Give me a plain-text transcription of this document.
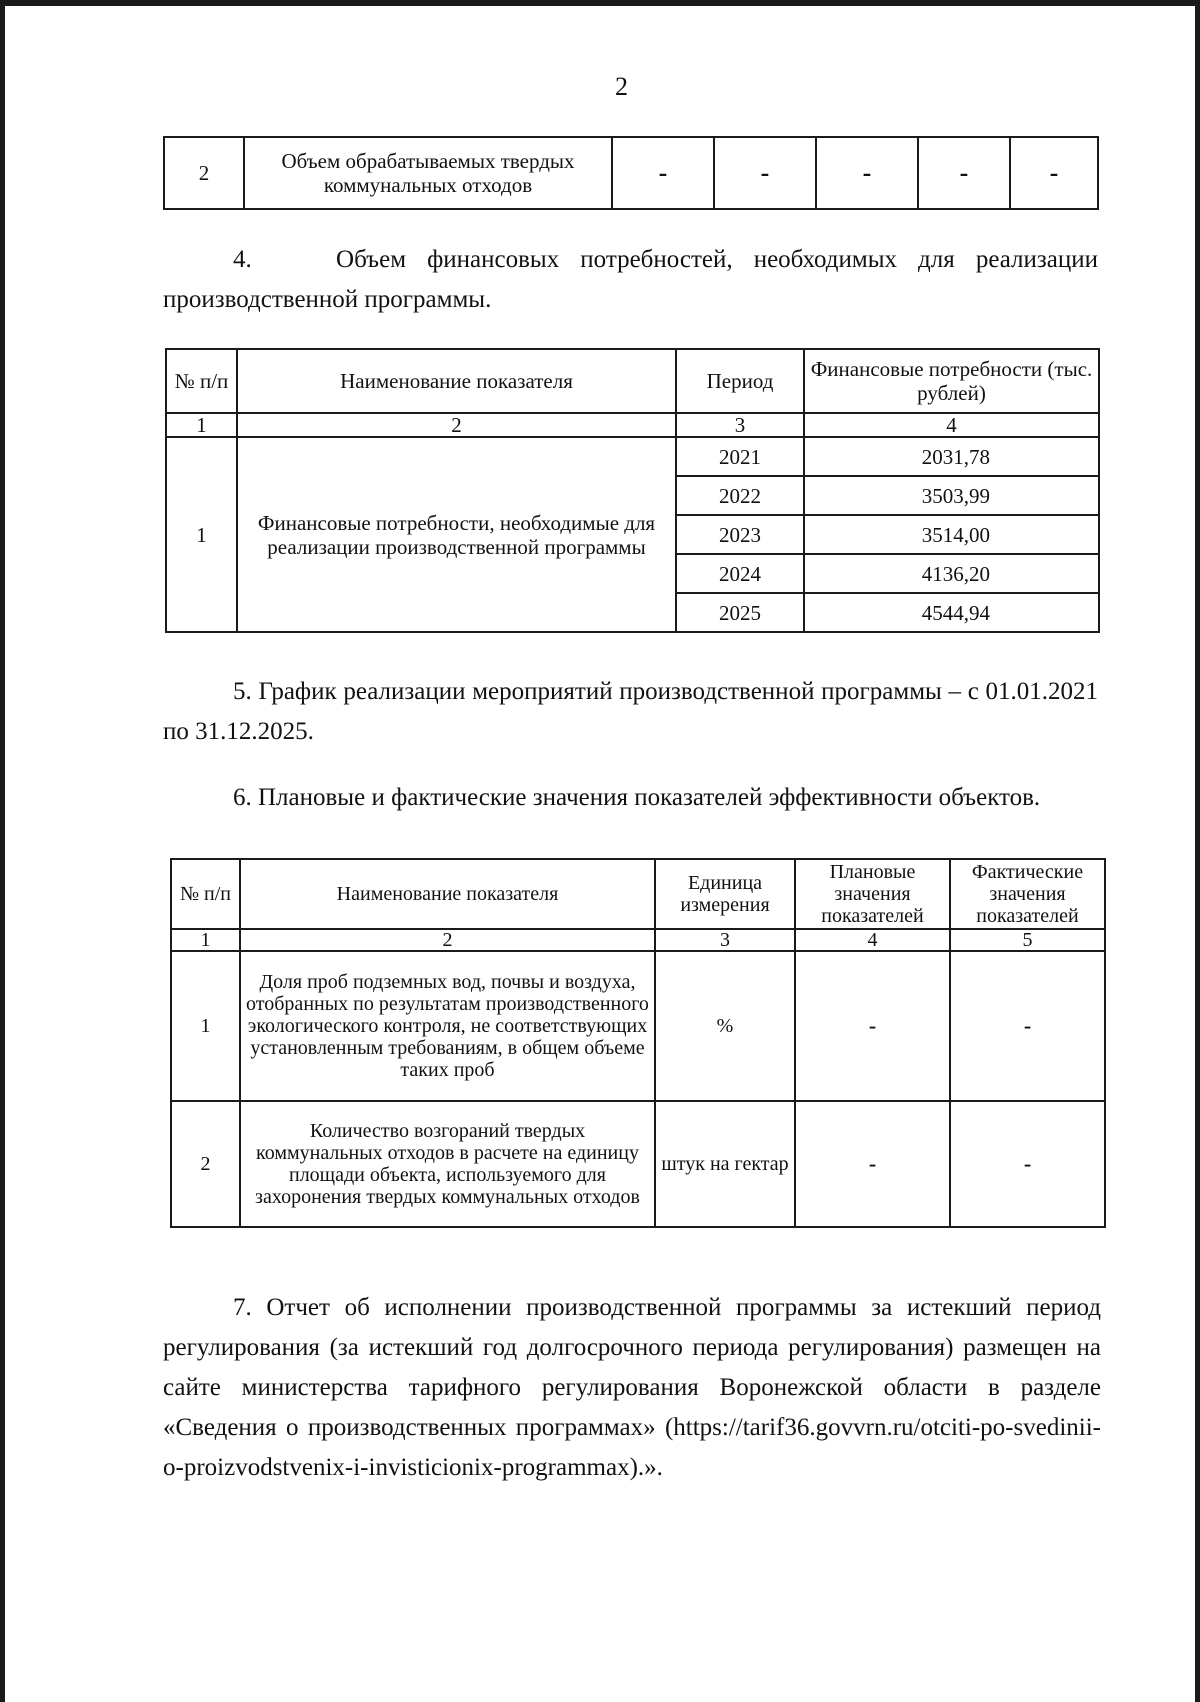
2
2	Объем обрабатываемых твердых коммунальных отходов	-	-	-	-	-
4.	Объем финансовых потребностей, необходимых для реализации производственной программы.
№ п/п	Наименование показателя	Период	Финансовые потребности (тыс. рублей)
1	2	3	4
1	Финансовые потребности, необходимые для реализации производственной программы	2021	2031,78
		2022	3503,99
		2023	3514,00
		2024	4136,20
		2025	4544,94
5. График реализации мероприятий производственной программы – с 01.01.2021 по 31.12.2025.
6. Плановые и фактические значения показателей эффективности объектов.
№ п/п	Наименование показателя	Единица измерения	Плановые значения показателей	Фактические значения показателей
1	2	3	4	5
1	Доля проб подземных вод, почвы и воздуха, отобранных по результатам производственного экологического контроля, не соответствующих установленным требованиям, в общем объеме таких проб	%	-	-
2	Количество возгораний твердых коммунальных отходов в расчете на единицу площади объекта, используемого для захоронения твердых коммунальных отходов	штук на гектар	-	-
7. Отчет об исполнении производственной программы за истекший период регулирования (за истекший год долгосрочного периода регулирования) размещен на сайте министерства тарифного регулирования Воронежской области в разделе «Сведения о производственных программах» (https://tarif36.govvrn.ru/otciti-po-svedinii-o-proizvodstvenix-i-invisticionix-programmax).».
